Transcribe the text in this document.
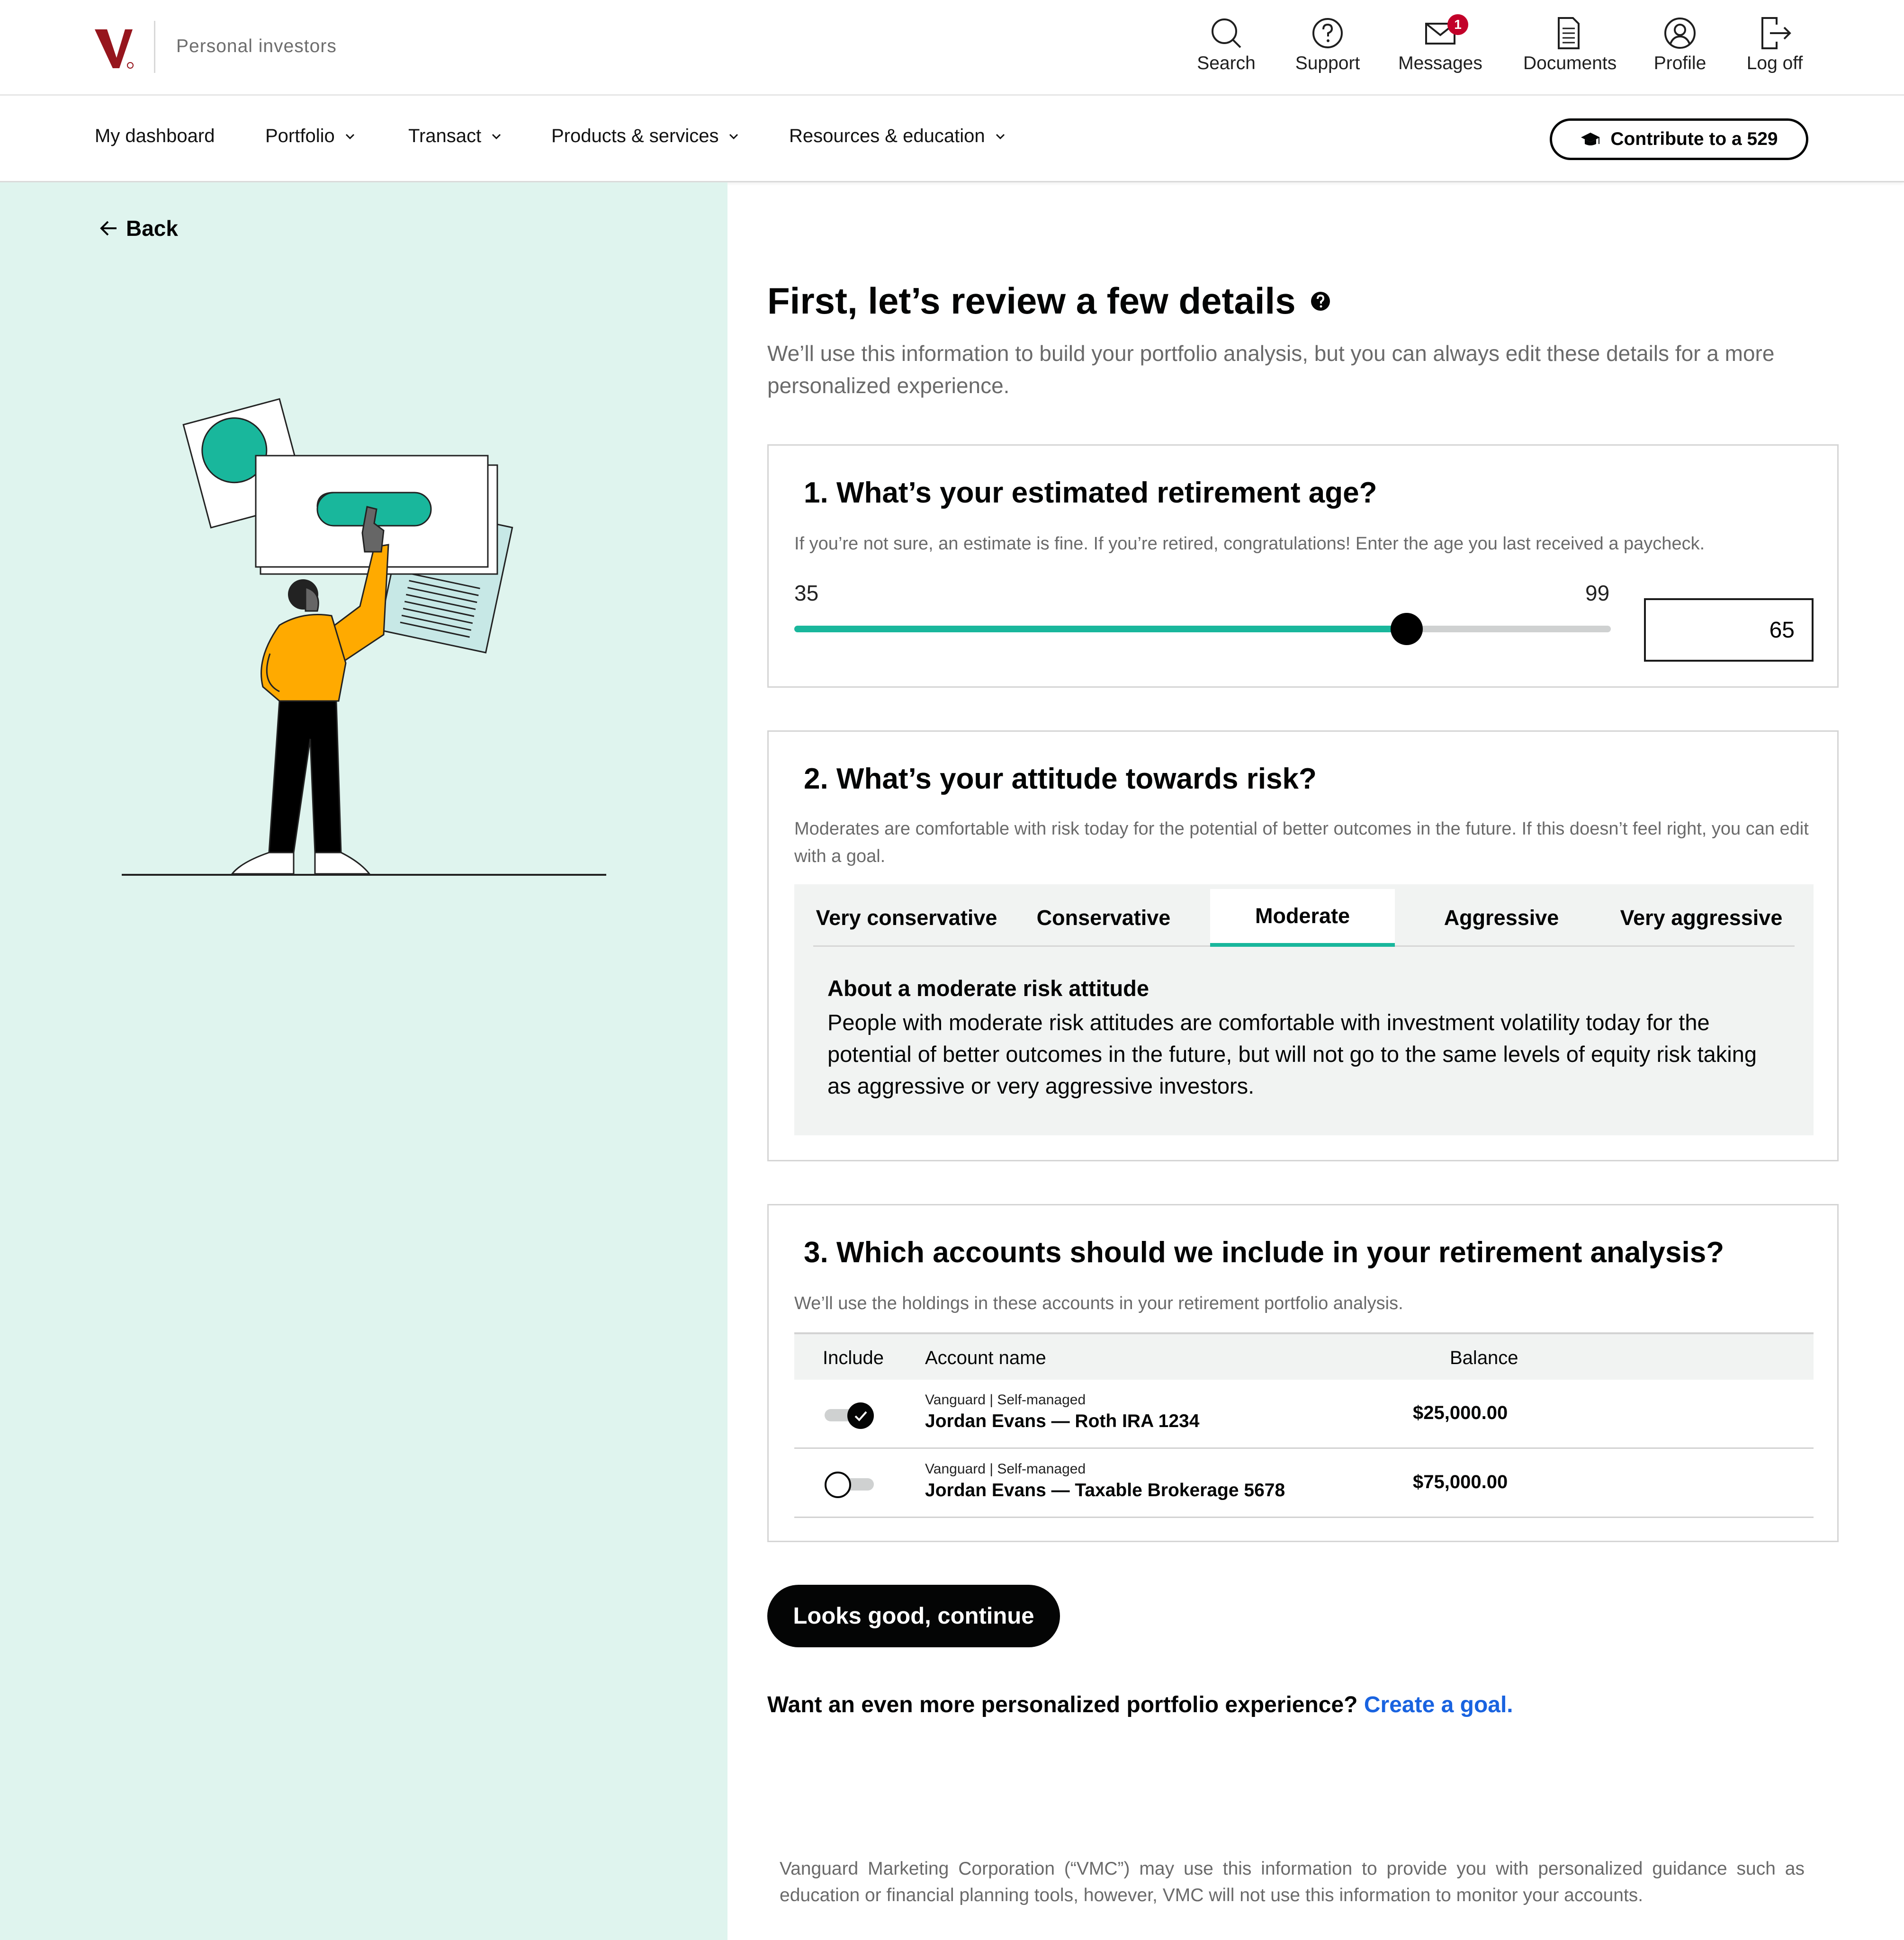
Personal investors
Search	Support
1
Messages Documents	Profile	Log off
My dashboard	Portfolio	Transact	Products & services	Resources & education	Contribute to a 529
Back
First, let’s review a few details
We’ll use this information to build your portfolio analysis, but you can always edit these details for a more personalized experience.
1. What’s your estimated retirement age?
If you’re not sure, an estimate is fine. If you’re retired, congratulations! Enter the age you last received a paycheck.
35	99
65
2. What’s your attitude towards risk?
Moderates are comfortable with risk today for the potential of better outcomes in the future. If this doesn’t feel right, you can edit with a goal.
Very conservative Conservative	Moderate	Aggressive	Very aggressive
About a moderate risk attitude
People with moderate risk attitudes are comfortable with investment volatility today for the potential of better outcomes in the future, but will not go to the same levels of equity risk taking as aggressive or very aggressive investors.
3. Which accounts should we include in your retirement analysis?
We’ll use the holdings in these accounts in your retirement portfolio analysis.
Include Account name	Balance
Vanguard | Self-managed
Jordan Evans — Roth IRA 1234	$25,000.00
Vanguard | Self-managed
Jordan Evans — Taxable Brokerage 5678	$75,000.00
Looks good, continue
Want an even more personalized portfolio experience? Create a goal.
Vanguard Marketing Corporation (“VMC”) may use this information to provide you with personalized guidance such as education or financial planning tools, however, VMC will not use this information to monitor your accounts.
